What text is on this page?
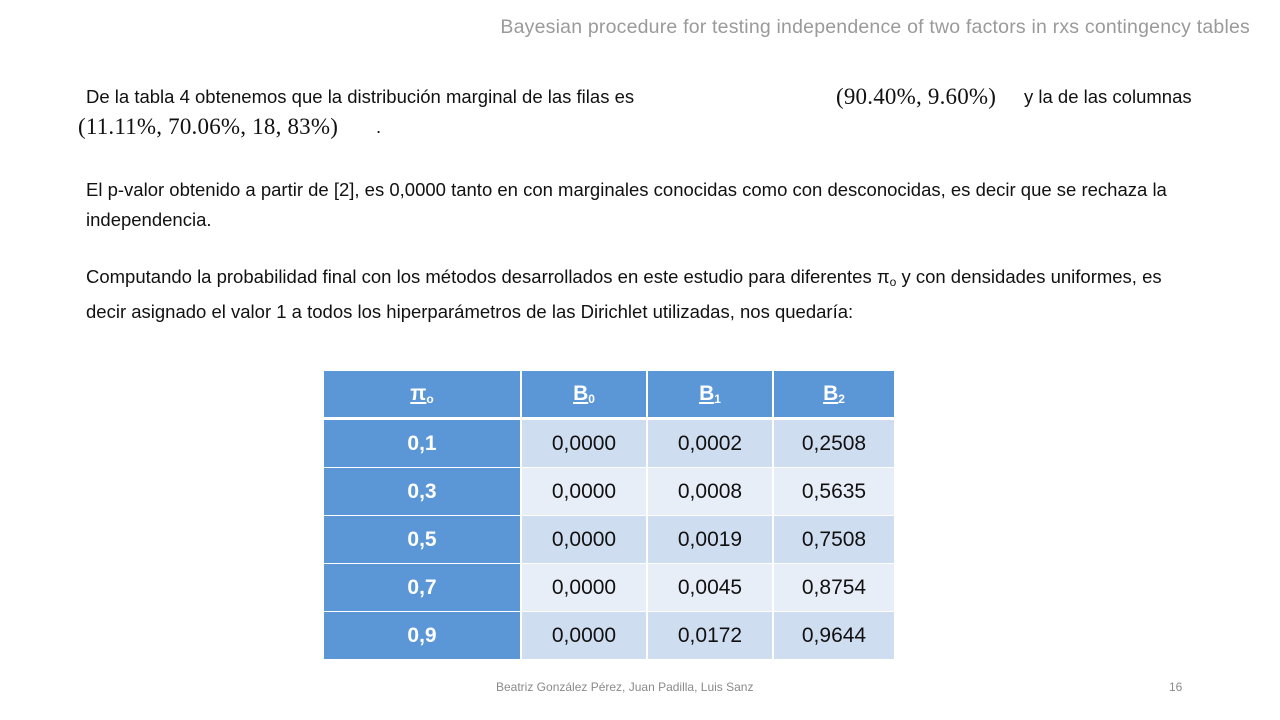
Bayesian procedure for testing independence of two factors in rxs contingency tables
De la tabla 4 obtenemos que la distribución marginal de las filas es	(90.40%, 9.60%) y la de las columnas
(11.11%, 70.06%, 18, 83%) .
El p-valor obtenido a partir de [2], es 0,0000 tanto en con marginales conocidas como con desconocidas, es decir que se rechaza la independencia.
Computando la probabilidad final con los métodos desarrollados en este estudio para diferentes $\pi_o$ y con densidades uniformes, es decir asignado el valor 1 a todos los hiperparámetros de las Dirichlet utilizadas, nos quedaría:
$\pi_o$	$B_0$	$B_1$	$B_2$
0,1	0,0000	0,0002	0,2508
0,3	0,0000	0,0008	0,5635
0,5	0,0000	0,0019	0,7508
0,7	0,0000	0,0045	0,8754
0,9	0,0000	0,0172	0,9644
Beatriz González Pérez, Juan Padilla, Luis Sanz	16
